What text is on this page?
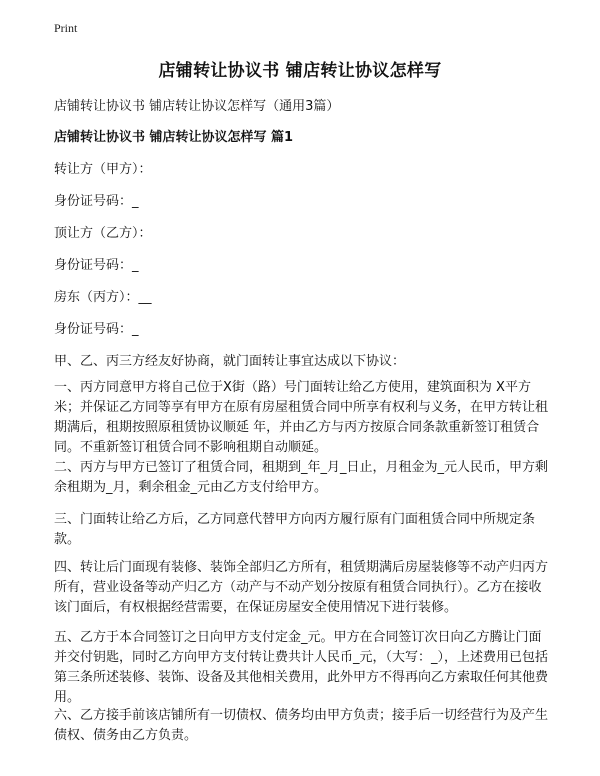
Print
店铺转让协议书 铺店转让协议怎样写

店铺转让协议书 铺店转让协议怎样写（通用3篇）

店铺转让协议书 铺店转让协议怎样写 篇1

转让方（甲方）：

身份证号码：_

顶让方（乙方）：

身份证号码：_

房东（丙方）：__

身份证号码：_

甲、乙、丙三方经友好协商，就门面转让事宜达成以下协议：

一、丙方同意甲方将自己位于X街（路）号门面转让给乙方使用，建筑面积为 X平方米；并保证乙方同等享有甲方在原有房屋租赁合同中所享有权利与义务，在甲方转让租期满后，租期按照原租赁协议顺延 年，并由乙方与丙方按原合同条款重新签订租赁合同。不重新签订租赁合同不影响租期自动顺延。

二、丙方与甲方已签订了租赁合同，租期到_年_月_日止，月租金为_元人民币，甲方剩余租期为_月，剩余租金_元由乙方支付给甲方。

三、门面转让给乙方后，乙方同意代替甲方向丙方履行原有门面租赁合同中所规定条款。

四、转让后门面现有装修、装饰全部归乙方所有，租赁期满后房屋装修等不动产归丙方所有，营业设备等动产归乙方（动产与不动产划分按原有租赁合同执行）。乙方在接收该门面后，有权根据经营需要，在保证房屋安全使用情况下进行装修。

五、乙方于本合同签订之日向甲方支付定金_元。甲方在合同签订次日向乙方腾让门面并交付钥匙，同时乙方向甲方支付转让费共计人民币_元，（大写：_），上述费用已包括第三条所述装修、装饰、设备及其他相关费用，此外甲方不得再向乙方索取任何其他费用。

六、乙方接手前该店铺所有一切债权、债务均由甲方负责；接手后一切经营行为及产生债权、债务由乙方负责。
